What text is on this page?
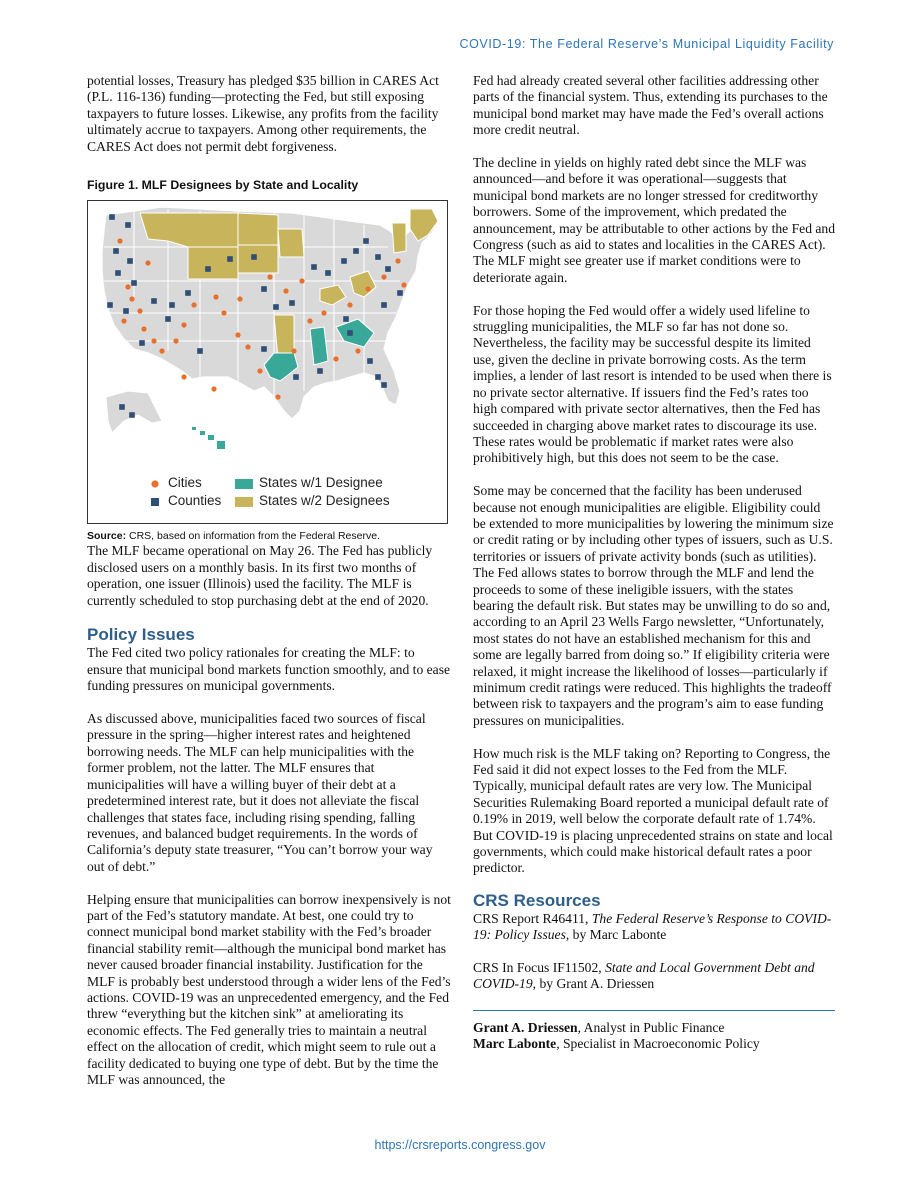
COVID-19: The Federal Reserve’s Municipal Liquidity Facility

potential losses, Treasury has pledged $35 billion in CARES Act (P.L. 116-136) funding—protecting the Fed, but still exposing taxpayers to future losses. Likewise, any profits from the facility ultimately accrue to taxpayers. Among other requirements, the CARES Act does not permit debt forgiveness.

Figure 1. MLF Designees by State and Locality
Cities
Counties
States w/1 Designee
States w/2 Designees
Source: CRS, based on information from the Federal Reserve.

The MLF became operational on May 26. The Fed has publicly disclosed users on a monthly basis. In its first two months of operation, one issuer (Illinois) used the facility. The MLF is currently scheduled to stop purchasing debt at the end of 2020.

Policy Issues

The Fed cited two policy rationales for creating the MLF: to ensure that municipal bond markets function smoothly, and to ease funding pressures on municipal governments.

As discussed above, municipalities faced two sources of fiscal pressure in the spring—higher interest rates and heightened borrowing needs. The MLF can help municipalities with the former problem, not the latter. The MLF ensures that municipalities will have a willing buyer of their debt at a predetermined interest rate, but it does not alleviate the fiscal challenges that states face, including rising spending, falling revenues, and balanced budget requirements. In the words of California’s deputy state treasurer, “You can’t borrow your way out of debt.”

Helping ensure that municipalities can borrow inexpensively is not part of the Fed’s statutory mandate. At best, one could try to connect municipal bond market stability with the Fed’s broader financial stability remit—although the municipal bond market has never caused broader financial instability. Justification for the MLF is probably best understood through a wider lens of the Fed’s actions. COVID-19 was an unprecedented emergency, and the Fed threw “everything but the kitchen sink” at ameliorating its economic effects. The Fed generally tries to maintain a neutral effect on the allocation of credit, which might seem to rule out a facility dedicated to buying one type of debt. But by the time the MLF was announced, the

Fed had already created several other facilities addressing other parts of the financial system. Thus, extending its purchases to the municipal bond market may have made the Fed’s overall actions more credit neutral.

The decline in yields on highly rated debt since the MLF was announced—and before it was operational—suggests that municipal bond markets are no longer stressed for creditworthy borrowers. Some of the improvement, which predated the announcement, may be attributable to other actions by the Fed and Congress (such as aid to states and localities in the CARES Act). The MLF might see greater use if market conditions were to deteriorate again.

For those hoping the Fed would offer a widely used lifeline to struggling municipalities, the MLF so far has not done so. Nevertheless, the facility may be successful despite its limited use, given the decline in private borrowing costs. As the term implies, a lender of last resort is intended to be used when there is no private sector alternative. If issuers find the Fed’s rates too high compared with private sector alternatives, then the Fed has succeeded in charging above market rates to discourage its use. These rates would be problematic if market rates were also prohibitively high, but this does not seem to be the case.

Some may be concerned that the facility has been underused because not enough municipalities are eligible. Eligibility could be extended to more municipalities by lowering the minimum size or credit rating or by including other types of issuers, such as U.S. territories or issuers of private activity bonds (such as utilities). The Fed allows states to borrow through the MLF and lend the proceeds to some of these ineligible issuers, with the states bearing the default risk. But states may be unwilling to do so and, according to an April 23 Wells Fargo newsletter, “Unfortunately, most states do not have an established mechanism for this and some are legally barred from doing so.” If eligibility criteria were relaxed, it might increase the likelihood of losses—particularly if minimum credit ratings were reduced. This highlights the tradeoff between risk to taxpayers and the program’s aim to ease funding pressures on municipalities.

How much risk is the MLF taking on? Reporting to Congress, the Fed said it did not expect losses to the Fed from the MLF. Typically, municipal default rates are very low. The Municipal Securities Rulemaking Board reported a municipal default rate of 0.19% in 2019, well below the corporate default rate of 1.74%. But COVID-19 is placing unprecedented strains on state and local governments, which could make historical default rates a poor predictor.

CRS Resources

CRS Report R46411, The Federal Reserve’s Response to COVID-19: Policy Issues, by Marc Labonte

CRS In Focus IF11502, State and Local Government Debt and COVID-19, by Grant A. Driessen

Grant A. Driessen, Analyst in Public Finance
Marc Labonte, Specialist in Macroeconomic Policy
https://crsreports.congress.gov
